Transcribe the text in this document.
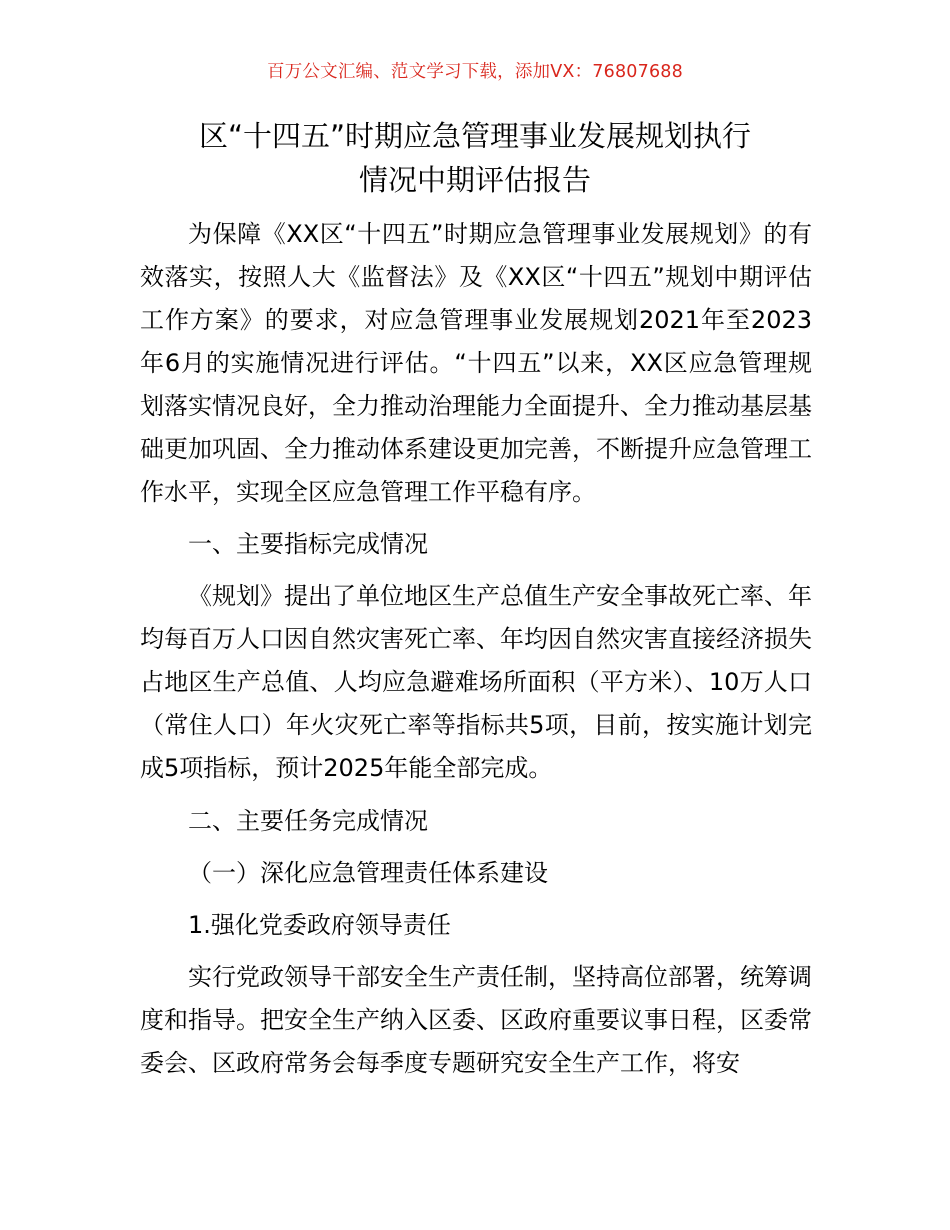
百万公文汇编、范文学习下载，添加VX：76807688
区“十四五”时期应急管理事业发展规划执行
情况中期评估报告

为保障《XX区“十四五”时期应急管理事业发展规划》的有效落实，按照人大《监督法》及《XX区“十四五”规划中期评估工作方案》的要求，对应急管理事业发展规划2021年至2023年6月的实施情况进行评估。“十四五”以来，XX区应急管理规划落实情况良好，全力推动治理能力全面提升、全力推动基层基础更加巩固、全力推动体系建设更加完善，不断提升应急管理工作水平，实现全区应急管理工作平稳有序。

一、主要指标完成情况

《规划》提出了单位地区生产总值生产安全事故死亡率、年均每百万人口因自然灾害死亡率、年均因自然灾害直接经济损失占地区生产总值、人均应急避难场所面积（平方米）、10万人口（常住人口）年火灾死亡率等指标共5项，目前，按实施计划完成5项指标，预计2025年能全部完成。

二、主要任务完成情况

（一）深化应急管理责任体系建设

1.强化党委政府领导责任

实行党政领导干部安全生产责任制，坚持高位部署，统筹调度和指导。把安全生产纳入区委、区政府重要议事日程，区委常委会、区政府常务会每季度专题研究安全生产工作，将安
